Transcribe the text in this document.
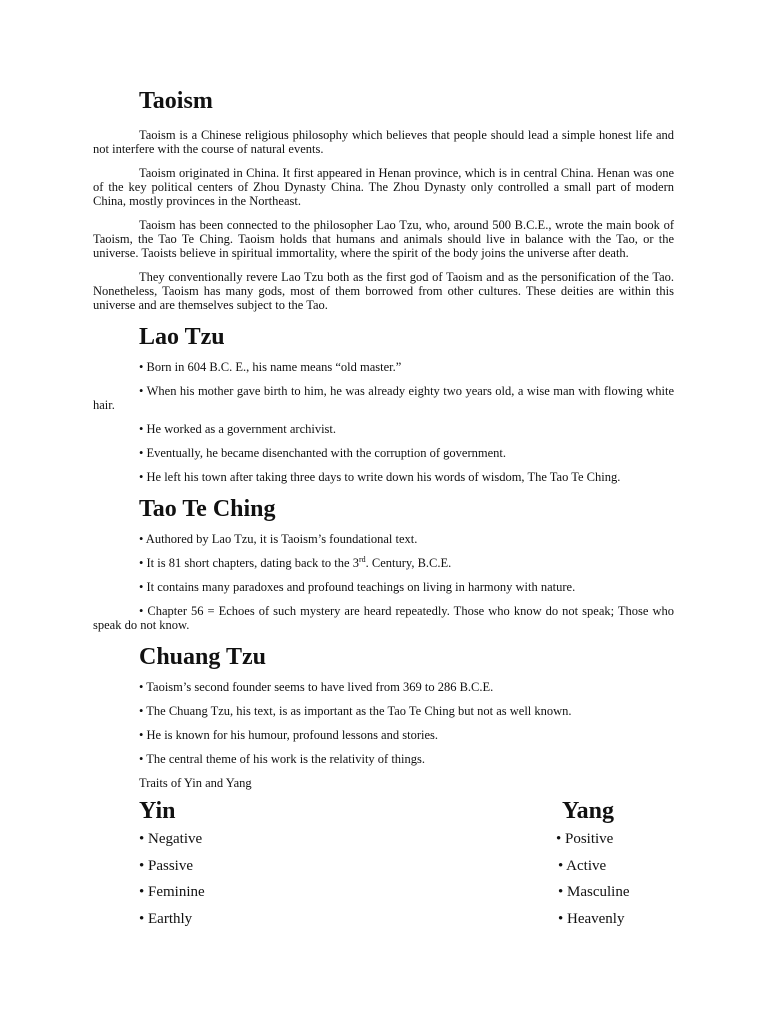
Taoism

Taoism is a Chinese religious philosophy which believes that people should lead a simple honest life and not interfere with the course of natural events.

Taoism originated in China. It first appeared in Henan province, which is in central China. Henan was one of the key political centers of Zhou Dynasty China. The Zhou Dynasty only controlled a small part of modern China, mostly provinces in the Northeast.

Taoism has been connected to the philosopher Lao Tzu, who, around 500 B.C.E., wrote the main book of Taoism, the Tao Te Ching. Taoism holds that humans and animals should live in balance with the Tao, or the universe. Taoists believe in spiritual immortality, where the spirit of the body joins the universe after death.

They conventionally revere Lao Tzu both as the first god of Taoism and as the personification of the Tao. Nonetheless, Taoism has many gods, most of them borrowed from other cultures. These deities are within this universe and are themselves subject to the Tao.

Lao Tzu

• Born in 604 B.C. E., his name means “old master.”

• When his mother gave birth to him, he was already eighty two years old, a wise man with flowing white hair.

• He worked as a government archivist.

• Eventually, he became disenchanted with the corruption of government.

• He left his town after taking three days to write down his words of wisdom, The Tao Te Ching.

Tao Te Ching

• Authored by Lao Tzu, it is Taoism’s foundational text.

• It is 81 short chapters, dating back to the 3rd. Century, B.C.E.

• It contains many paradoxes and profound teachings on living in harmony with nature.

• Chapter 56 = Echoes of such mystery are heard repeatedly. Those who know do not speak; Those who speak do not know.

Chuang Tzu

• Taoism’s second founder seems to have lived from 369 to 286 B.C.E.

• The Chuang Tzu, his text, is as important as the Tao Te Ching but not as well known.

• He is known for his humour, profound lessons and stories.

• The central theme of his work is the relativity of things.

Traits of Yin and Yang

Yin	Yang
• Negative
• Passive
• Feminine
• Earthly
• Positive
• Active
• Masculine
• Heavenly
